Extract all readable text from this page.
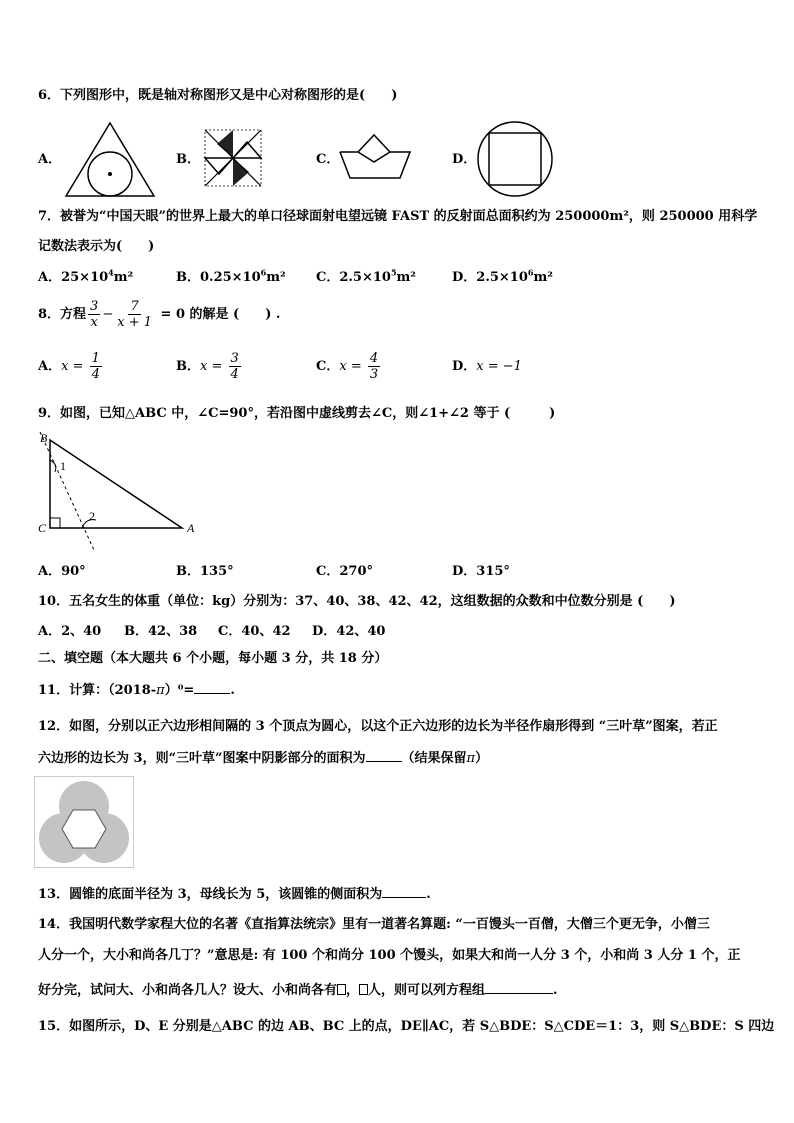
6．下列图形中，既是轴对称图形又是中心对称图形的是(　　)
A．	B．	C．	D．
7．被誉为“中国天眼”的世界上最大的单口径球面射电望远镜 FAST 的反射面总面积约为 250000m²，则 250000 用科学
记数法表示为(　　)
A．$25\times 10^4m^2$	B．$0.25\times 10^6m^2$ C．$2.5\times 10^5m^2$	D．$2.5\times 10^6m^2$
8．方程 $\frac{3}{x} - \frac{7}{x + 1} = 0$ 的解是 (　　) .
A．$x = \frac{1}{4}$	B．$x = \frac{3}{4}$	C．$x = \frac{4}{3}$	D．x = −1
9．如图，已知△ABC 中，∠C=90°，若沿图中虚线剪去∠C，则∠1+∠2 等于 (　　　)
B
C	A
1
2
A．90°	B．135°	C．270°	D．315°
10．五名女生的体重（单位：kg）分别为：37、40、38、42、42，这组数据的众数和中位数分别是 (　　)
A．2、40 B．42、38 C．40、42 D．42、40
二、填空题（本大题共 6 个小题，每小题 3 分，共 18 分）
11．计算：（2018-π）⁰=	.
12．如图，分别以正六边形相间隔的 3 个顶点为圆心，以这个正六边形的边长为半径作扇形得到 “三叶草”图案，若正
六边形的边长为 3，则“三叶草”图案中阴影部分的面积为	（结果保留π）
13．圆锥的底面半径为 3，母线长为 5，该圆锥的侧面积为	.
14．我国明代数学家程大位的名著《直指算法统宗》里有一道著名算题: “一百馒头一百僧，大僧三个更无争，小僧三
人分一个，大小和尚各几丁？”意思是: 有 100 个和尚分 100 个馒头，如果大和尚一人分 3 个，小和尚 3 人分 1 个，正
好分完，试问大、小和尚各几人？设大、小和尚各有 ， 人，则可以列方程组	.
15．如图所示，D、E 分别是△ABC 的边 AB、BC 上的点，DE∥AC，若 S△BDE：S△CDE＝1：3，则 S△BDE：S 四边
